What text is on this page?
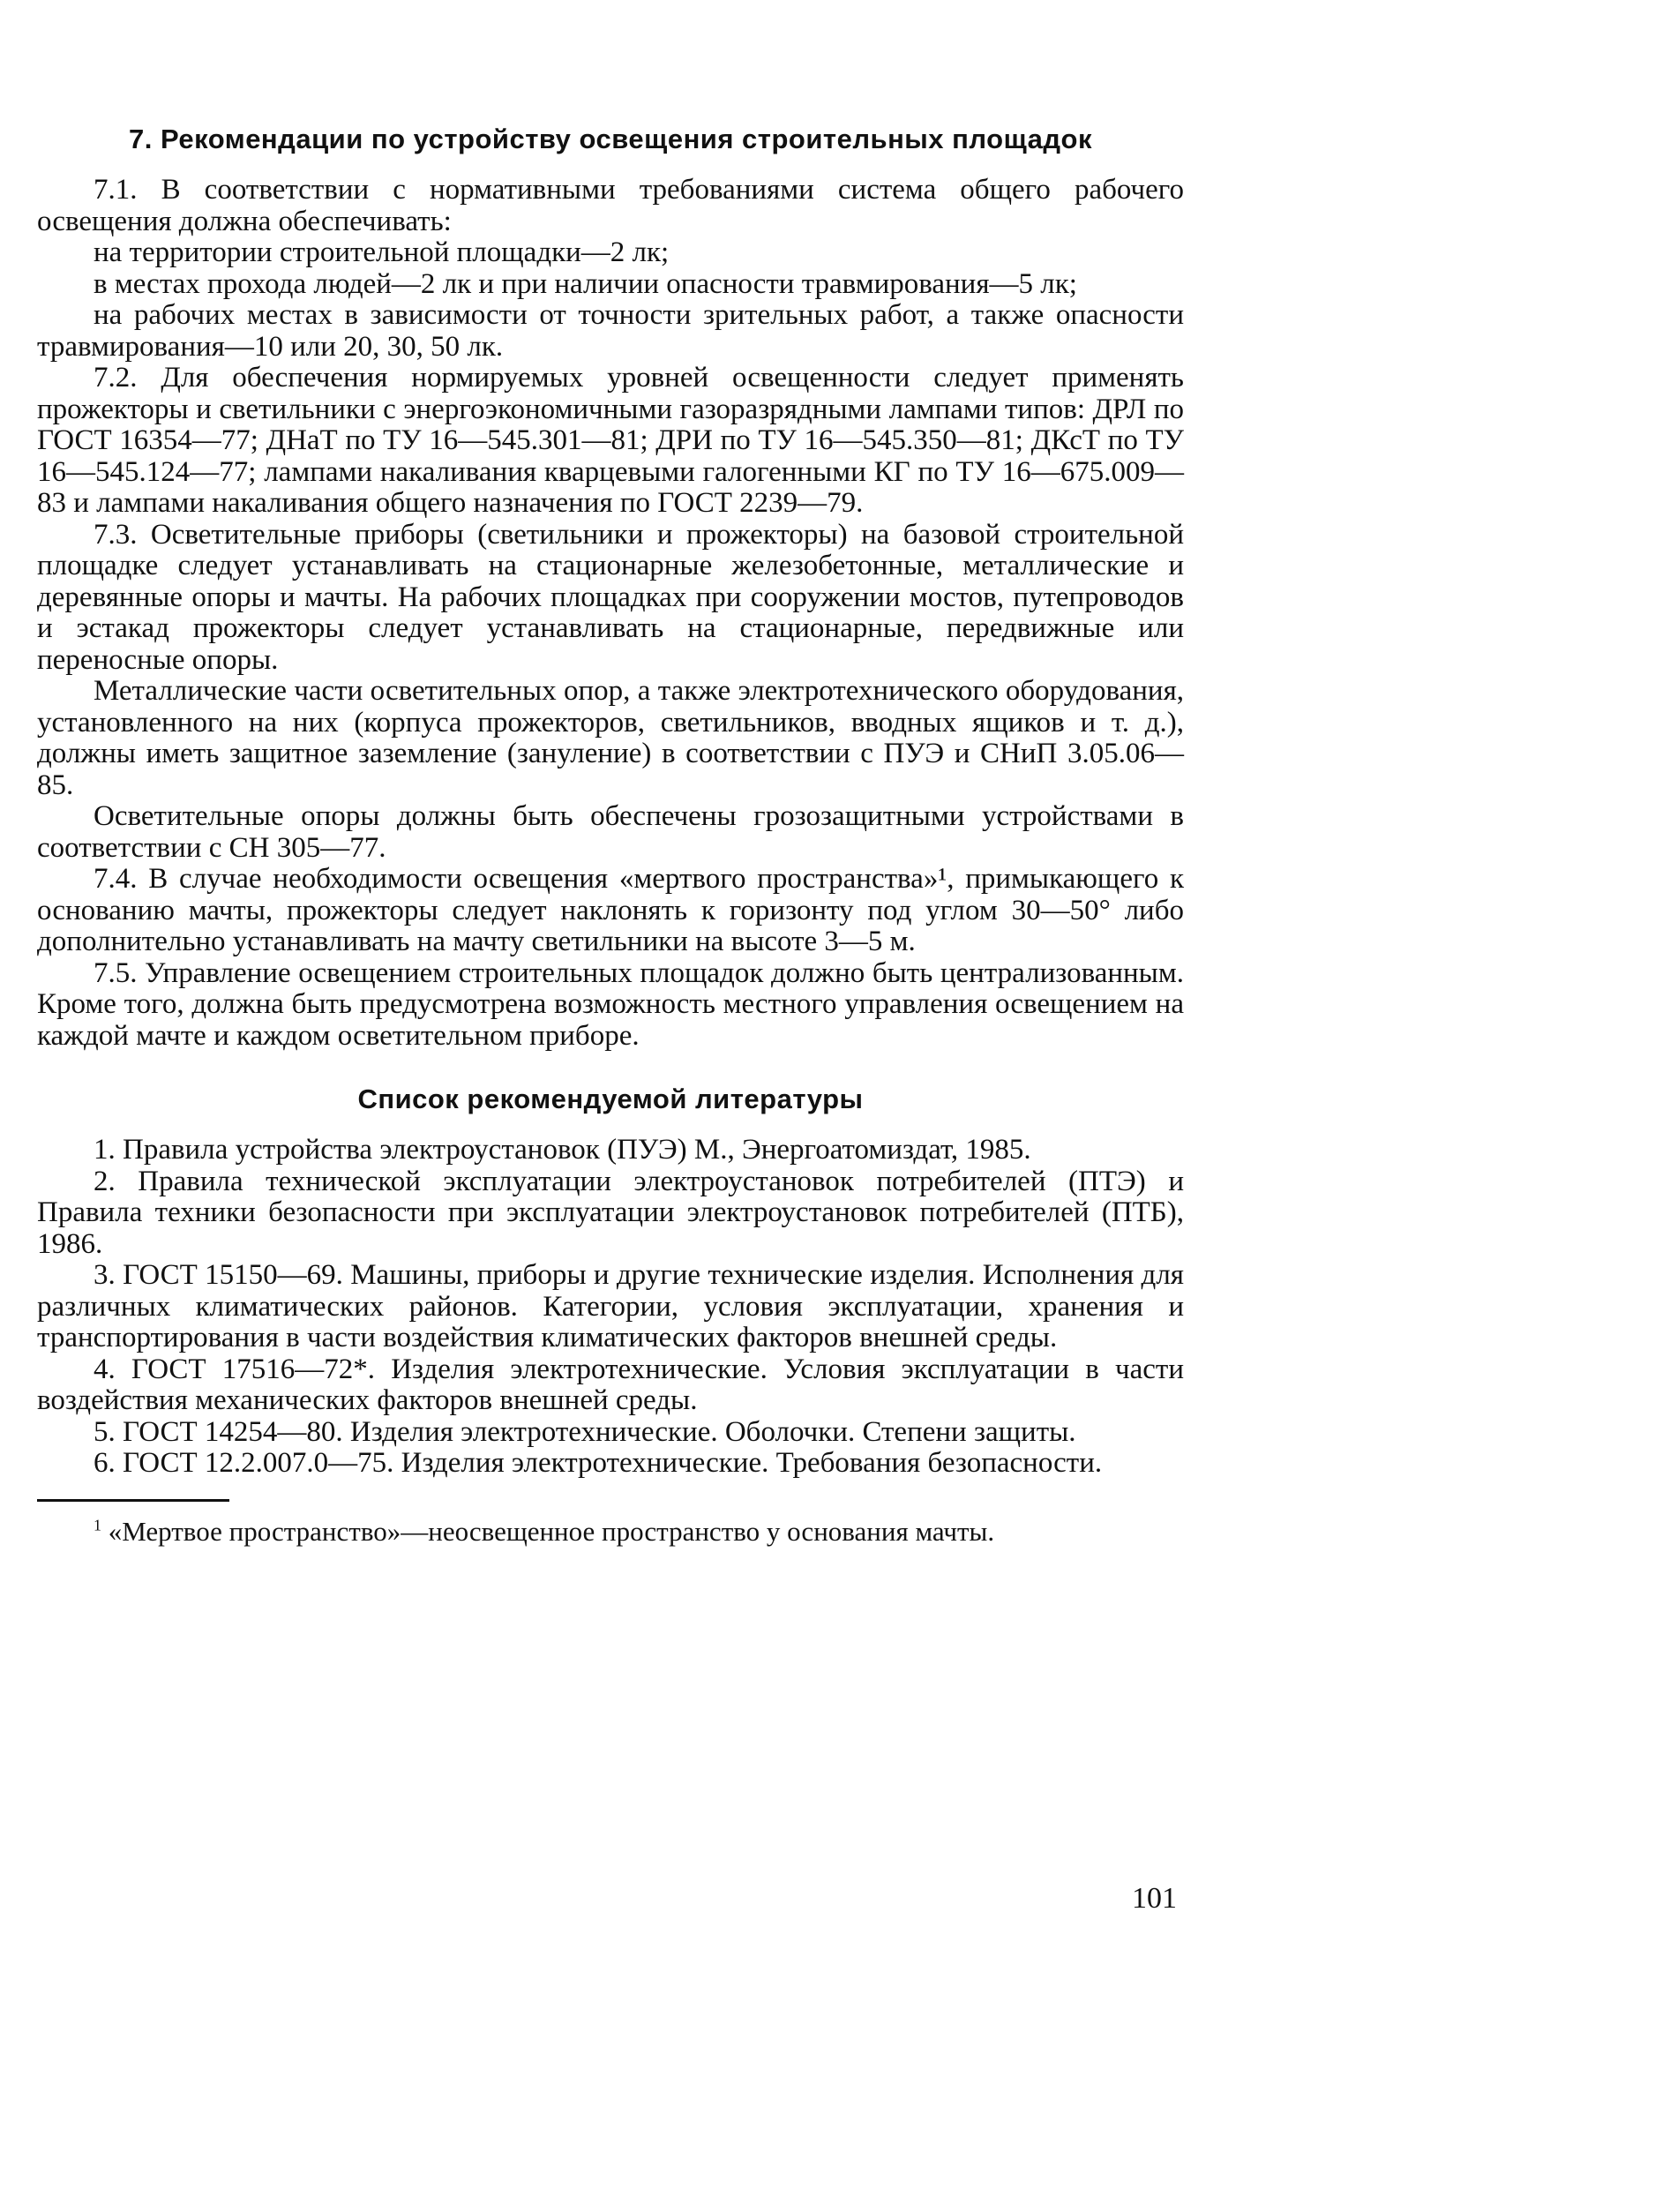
7. Рекомендации по устройству освещения строительных площадок

7.1. В соответствии с нормативными требованиями система общего рабочего освещения должна обеспечивать:

на территории строительной площадки—2 лк;

в местах прохода людей—2 лк и при наличии опасности травмирования—5 лк;

на рабочих местах в зависимости от точности зрительных работ, а также опасности травмирования—10 или 20, 30, 50 лк.

7.2. Для обеспечения нормируемых уровней освещенности следует применять прожекторы и светильники с энергоэкономичными газоразрядными лампами типов: ДРЛ по ГОСТ 16354—77; ДНаТ по ТУ 16—545.301—81; ДРИ по ТУ 16—545.350—81; ДКсТ по ТУ 16—545.124—77; лампами накаливания кварцевыми галогенными КГ по ТУ 16—675.009—83 и лампами накаливания общего назначения по ГОСТ 2239—79.

7.3. Осветительные приборы (светильники и прожекторы) на базовой строительной площадке следует устанавливать на стационарные железобетонные, металлические и деревянные опоры и мачты. На рабочих площадках при сооружении мостов, путепроводов и эстакад прожекторы следует устанавливать на стационарные, передвижные или переносные опоры.

Металлические части осветительных опор, а также электротехнического оборудования, установленного на них (корпуса прожекторов, светильников, вводных ящиков и т. д.), должны иметь защитное заземление (зануление) в соответствии с ПУЭ и СНиП 3.05.06—85.

Осветительные опоры должны быть обеспечены грозозащитными устройствами в соответствии с СН 305—77.

7.4. В случае необходимости освещения «мертвого пространства»¹, примыкающего к основанию мачты, прожекторы следует наклонять к горизонту под углом 30—50° либо дополнительно устанавливать на мачту светильники на высоте 3—5 м.

7.5. Управление освещением строительных площадок должно быть централизованным. Кроме того, должна быть предусмотрена возможность местного управления освещением на каждой мачте и каждом осветительном приборе.

Список рекомендуемой литературы

1. Правила устройства электроустановок (ПУЭ) М., Энергоатомиздат, 1985.

2. Правила технической эксплуатации электроустановок потребителей (ПТЭ) и Правила техники безопасности при эксплуатации электроустановок потребителей (ПТБ), 1986.

3. ГОСТ 15150—69. Машины, приборы и другие технические изделия. Исполнения для различных климатических районов. Категории, условия эксплуатации, хранения и транспортирования в части воздействия климатических факторов внешней среды.

4. ГОСТ 17516—72*. Изделия электротехнические. Условия эксплуатации в части воздействия механических факторов внешней среды.

5. ГОСТ 14254—80. Изделия электротехнические. Оболочки. Степени защиты.

6. ГОСТ 12.2.007.0—75. Изделия электротехнические. Требования безопасности.

$^1$ «Мертвое пространство»—неосвещенное пространство у основания мачты.
101
